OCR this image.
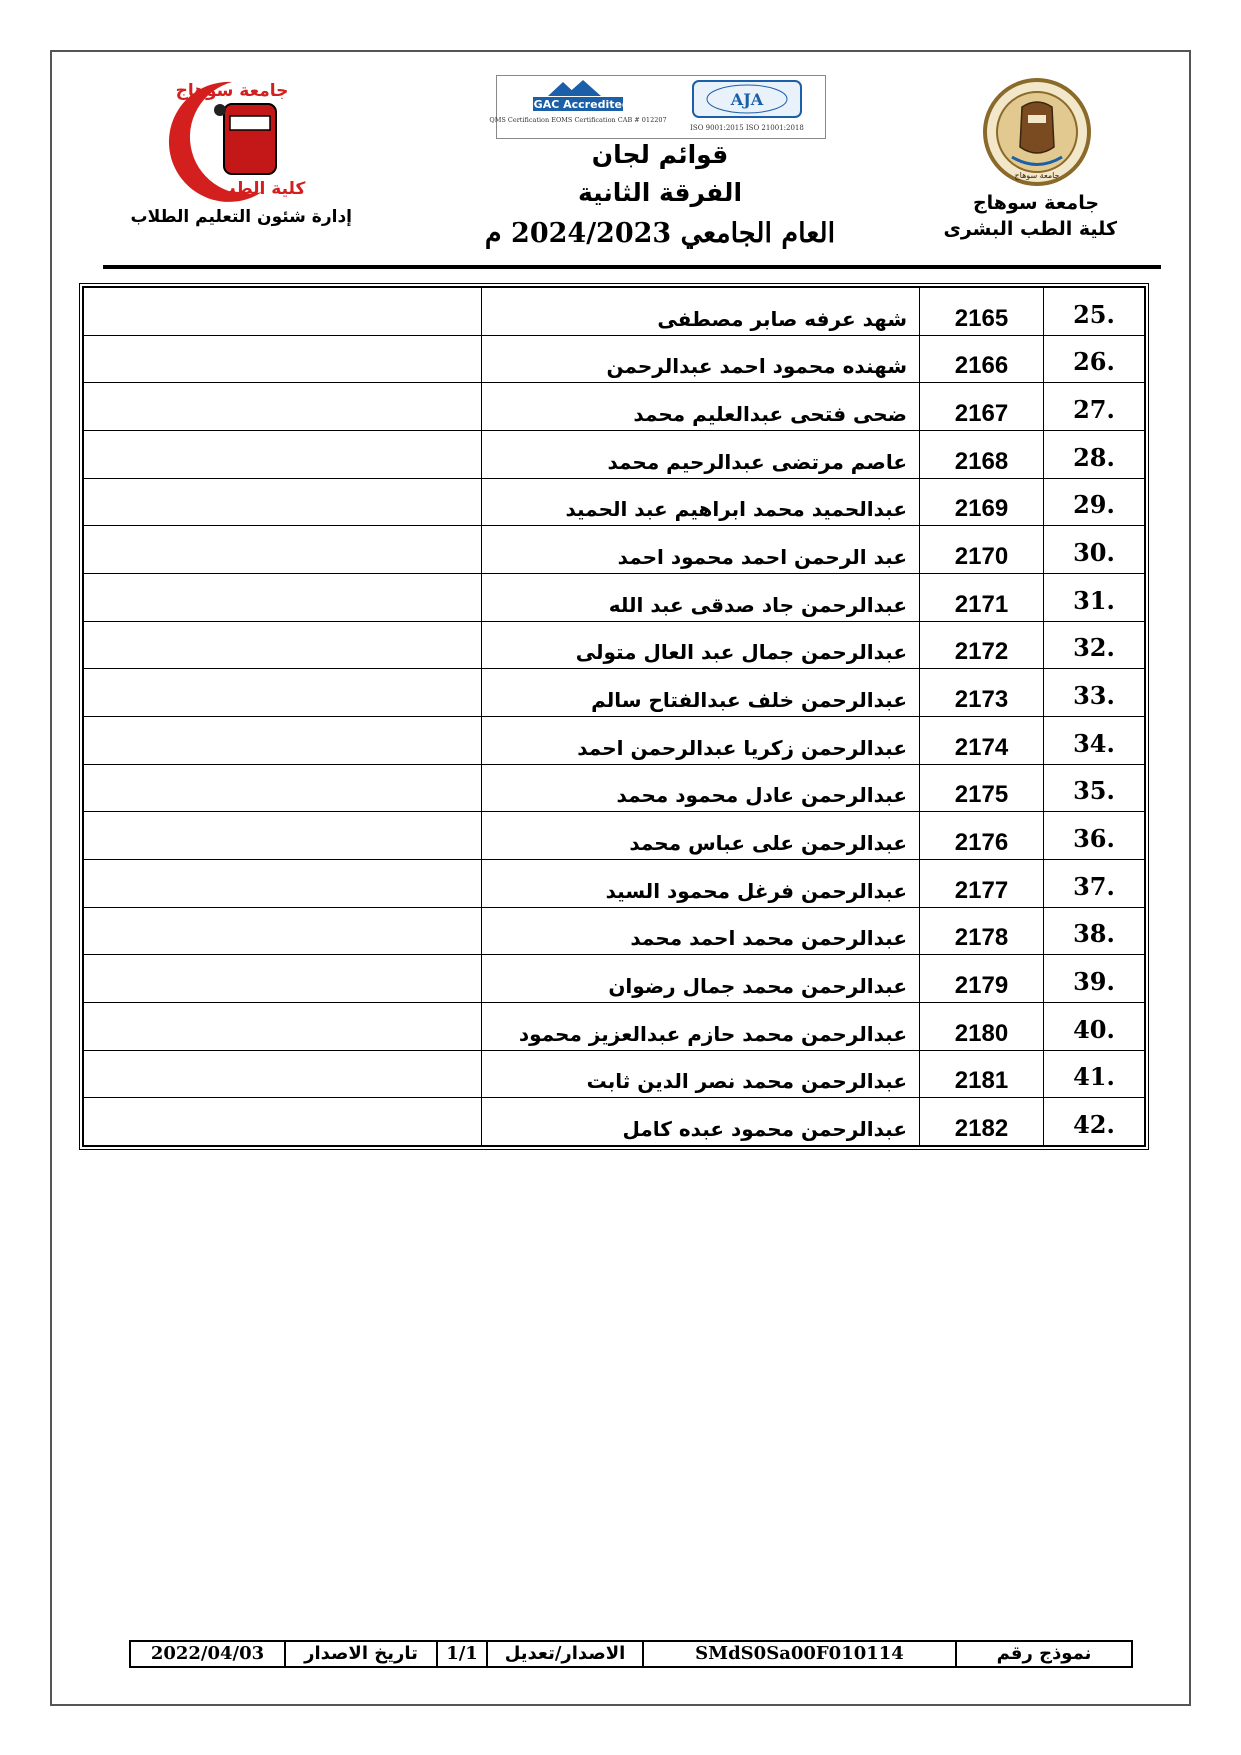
جامعة سوهاج
كلية الطب
EGAC Accredited
QMS Certification EOMS Certification CAB # 012207
AJA
ISO 9001:2015 ISO 21001:2018
جامعة سوهاج
جامعة سوهاج
كلية الطب البشرى
إدارة شئون التعليم الطلاب
قوائم لجان
الفرقة الثانية
العام الجامعي 2024/2023 م
.25	2165	شهد عرفه صابر مصطفى	
.26	2166	شهنده محمود احمد عبدالرحمن	
.27	2167	ضحى فتحى عبدالعليم محمد	
.28	2168	عاصم مرتضى عبدالرحيم محمد	
.29	2169	عبدالحميد محمد ابراهيم عبد الحميد	
.30	2170	عبد الرحمن احمد محمود احمد	
.31	2171	عبدالرحمن جاد صدقى عبد الله	
.32	2172	عبدالرحمن جمال عبد العال متولى	
.33	2173	عبدالرحمن خلف عبدالفتاح سالم	
.34	2174	عبدالرحمن زكريا عبدالرحمن احمد	
.35	2175	عبدالرحمن عادل محمود محمد	
.36	2176	عبدالرحمن على عباس محمد	
.37	2177	عبدالرحمن فرغل محمود السيد	
.38	2178	عبدالرحمن محمد احمد محمد	
.39	2179	عبدالرحمن محمد جمال رضوان	
.40	2180	عبدالرحمن محمد حازم عبدالعزيز محمود	
.41	2181	عبدالرحمن محمد نصر الدين ثابت	
.42	2182	عبدالرحمن محمود عبده كامل	
نموذج رقم
SMdS0Sa00F010114
الاصدار/تعديل
1/1
تاريخ الاصدار
2022/04/03
